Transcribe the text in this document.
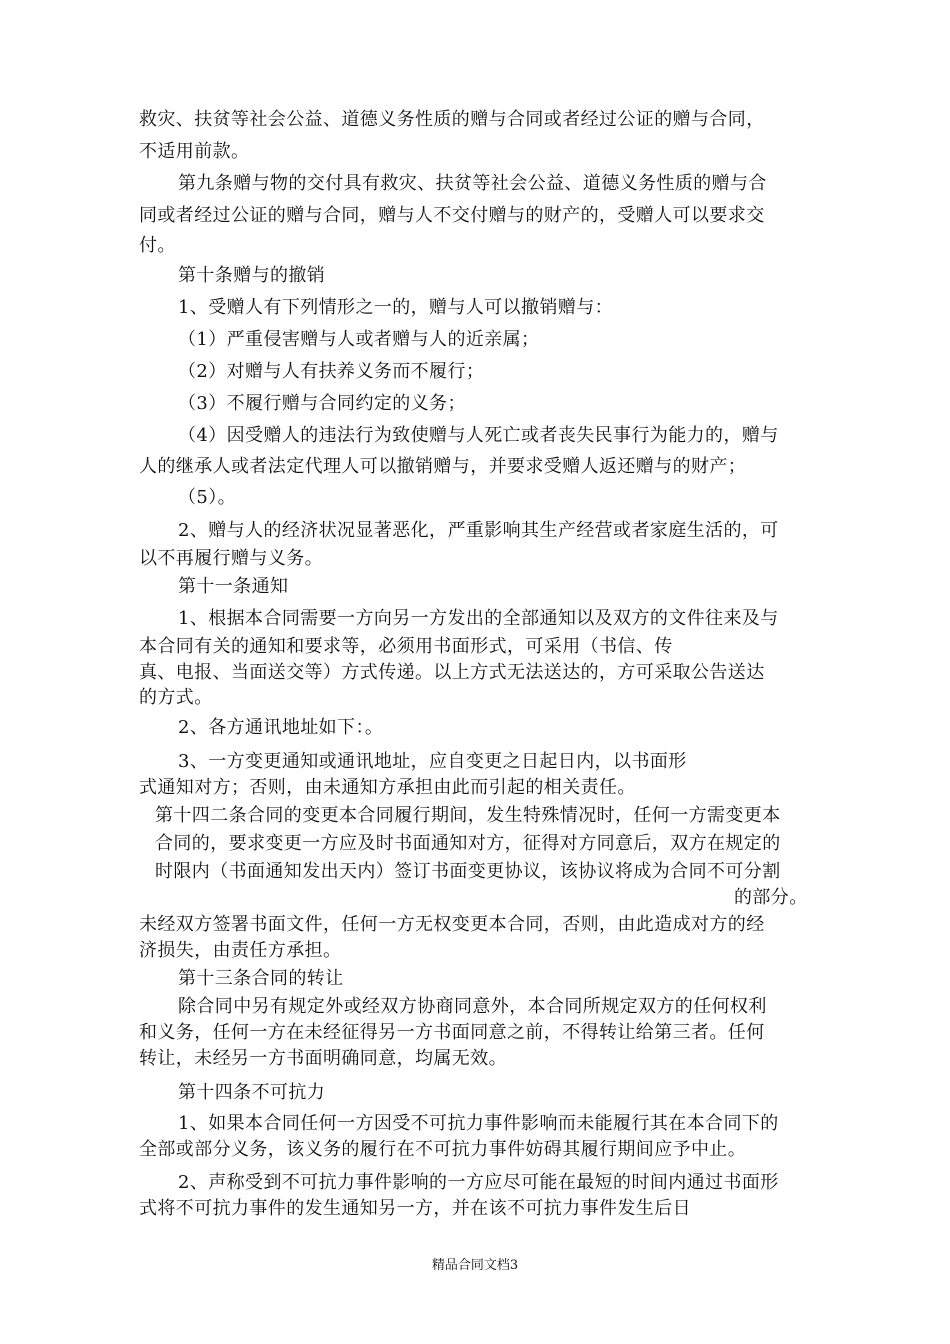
救灾、扶贫等社会公益、道德义务性质的赠与合同或者经过公证的赠与合同，
不适用前款。
第九条赠与物的交付具有救灾、扶贫等社会公益、道德义务性质的赠与合
同或者经过公证的赠与合同，赠与人不交付赠与的财产的，受赠人可以要求交
付。
第十条赠与的撤销
1、受赠人有下列情形之一的，赠与人可以撤销赠与：
（1）严重侵害赠与人或者赠与人的近亲属；
（2）对赠与人有扶养义务而不履行；
（3）不履行赠与合同约定的义务；
（4）因受赠人的违法行为致使赠与人死亡或者丧失民事行为能力的，赠与
人的继承人或者法定代理人可以撤销赠与，并要求受赠人返还赠与的财产；
（5）。
2、赠与人的经济状况显著恶化，严重影响其生产经营或者家庭生活的，可
以不再履行赠与义务。
第十一条通知
1、根据本合同需要一方向另一方发出的全部通知以及双方的文件往来及与
本合同有关的通知和要求等，必须用书面形式，可采用（书信、传
真、电报、当面送交等）方式传递。以上方式无法送达的，方可采取公告送达
的方式。
2、各方通讯地址如下：。
3、一方变更通知或通讯地址，应自变更之日起日内，以书面形
式通知对方；否则，由未通知方承担由此而引起的相关责任。
第十四二条合同的变更本合同履行期间，发生特殊情况时，任何一方需变更本
合同的，要求变更一方应及时书面通知对方，征得对方同意后，双方在规定的
时限内（书面通知发出天内）签订书面变更协议，该协议将成为合同不可分割
的部分。
未经双方签署书面文件，任何一方无权变更本合同，否则，由此造成对方的经
济损失，由责任方承担。
第十三条合同的转让
除合同中另有规定外或经双方协商同意外，本合同所规定双方的任何权利
和义务，任何一方在未经征得另一方书面同意之前，不得转让给第三者。任何
转让，未经另一方书面明确同意，均属无效。
第十四条不可抗力
1、如果本合同任何一方因受不可抗力事件影响而未能履行其在本合同下的
全部或部分义务，该义务的履行在不可抗力事件妨碍其履行期间应予中止。
2、声称受到不可抗力事件影响的一方应尽可能在最短的时间内通过书面形
式将不可抗力事件的发生通知另一方，并在该不可抗力事件发生后日
精品合同文档3
